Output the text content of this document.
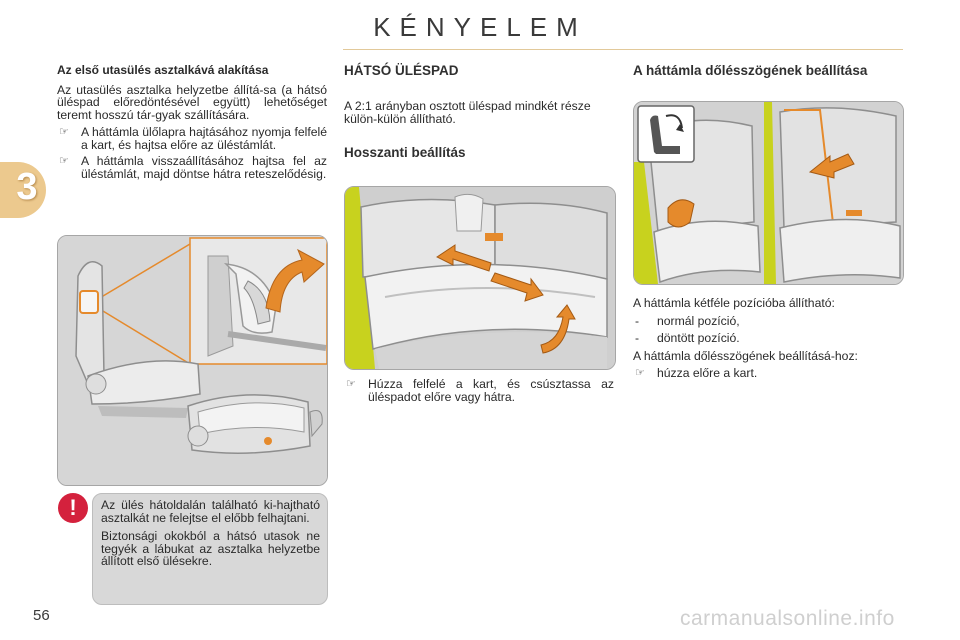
KÉNYELEM
3
Az első utasülés asztalkává alakítása

Az utasülés asztalka helyzetbe állítá-sa (a hátsó üléspad előredöntésével együtt) lehetőséget teremt hosszú tár-gyak szállítására.

☞ A háttámla ülőlapra hajtásához nyomja felfelé a kart, és hajtsa előre az üléstámlát.
☞ A háttámla visszaállításához hajtsa fel az üléstámlát, majd döntse hátra reteszelődésig.
!	Az ülés hátoldalán található ki-hajtható asztalkát ne felejtse el előbb felhajtani.

Biztonsági okokból a hátsó utasok ne tegyék a lábukat az asztalka helyzetbe állított első ülésekre.

HÁTSÓ ÜLÉSPAD

A 2:1 arányban osztott üléspad mindkét része külön-külön állítható.

Hosszanti beállítás
☞ Húzza felfelé a kart, és csúsztassa az üléspadot előre vagy hátra.
A háttámla dőlésszögének beállítása

A háttámla kétféle pozícióba állítható:

- normál pozíció,
- döntött pozíció.

A háttámla dőlésszögének beállításá-hoz:

☞ húzza előre a kart.
56	carmanualsonline.info
